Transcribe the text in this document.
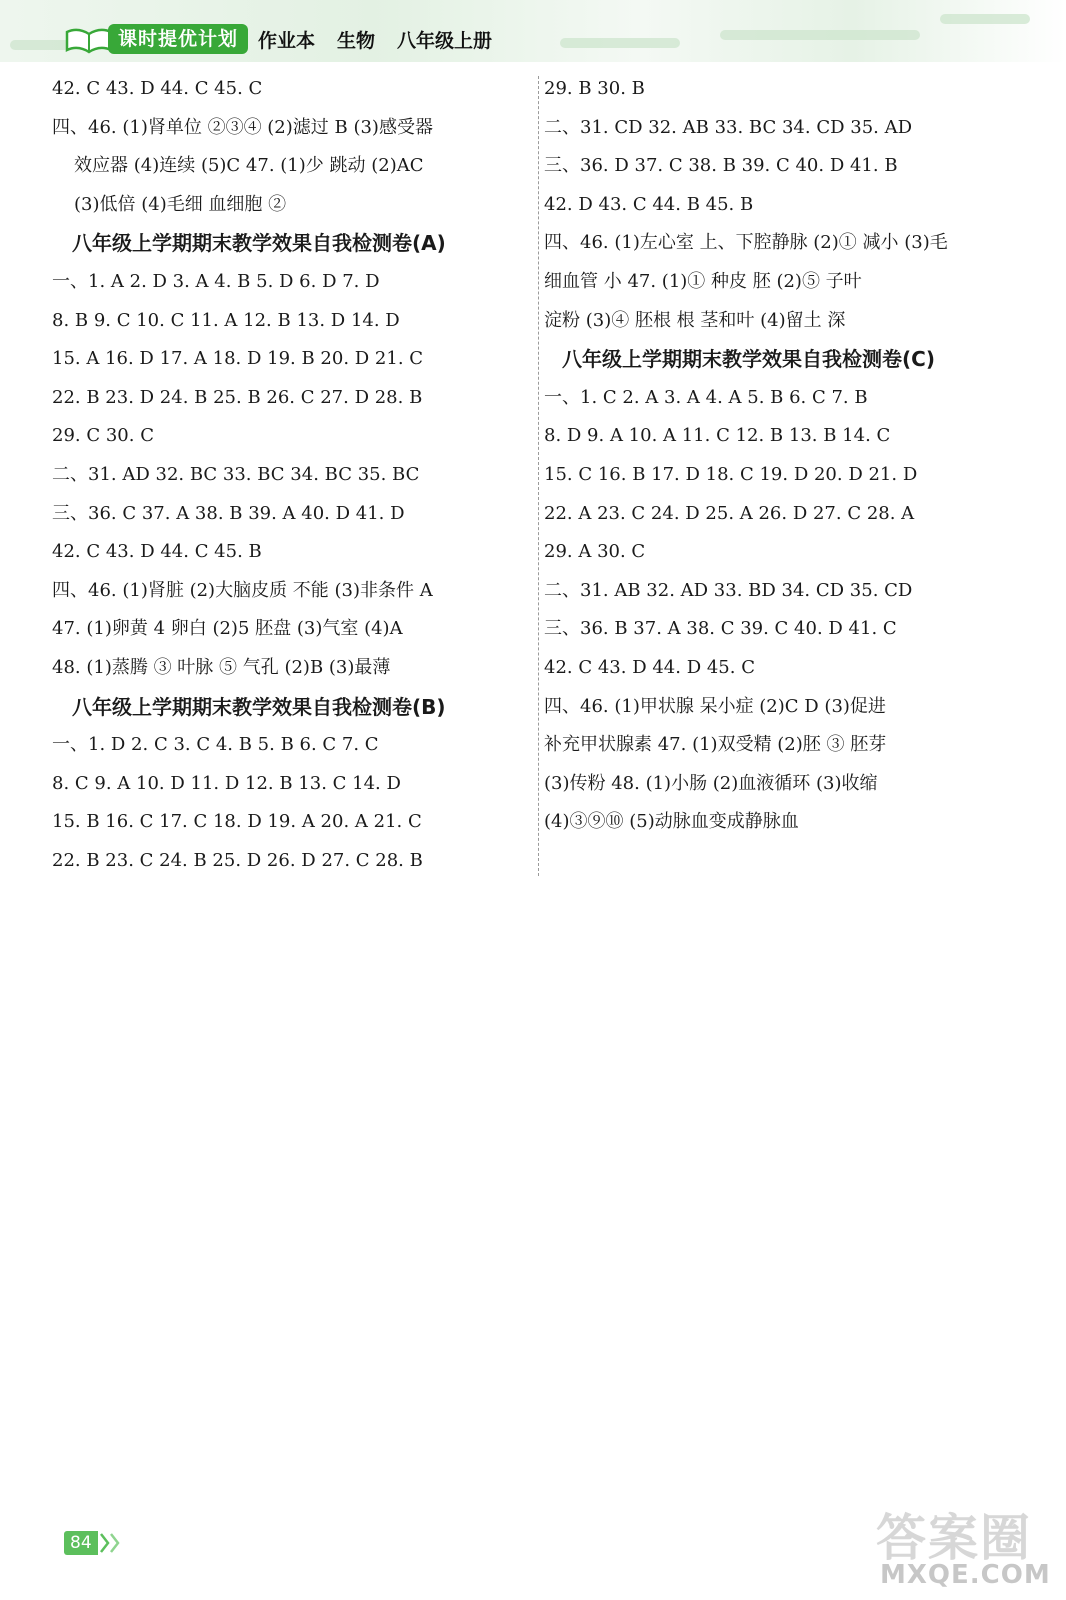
课时提优计划	作业本 生物 八年级上册
42. C 43. D 44. C 45. C
四、46. (1)肾单位 ②③④ (2)滤过 B (3)感受器
效应器 (4)连续 (5)C 47. (1)少 跳动 (2)AC
(3)低倍 (4)毛细 血细胞 ②
八年级上学期期末教学效果自我检测卷(A)
一、1. A 2. D 3. A 4. B 5. D 6. D 7. D
8. B 9. C 10. C 11. A 12. B 13. D 14. D
15. A 16. D 17. A 18. D 19. B 20. D 21. C
22. B 23. D 24. B 25. B 26. C 27. D 28. B
29. C 30. C
二、31. AD 32. BC 33. BC 34. BC 35. BC
三、36. C 37. A 38. B 39. A 40. D 41. D
42. C 43. D 44. C 45. B
四、46. (1)肾脏 (2)大脑皮质 不能 (3)非条件 A
47. (1)卵黄 4 卵白 (2)5 胚盘 (3)气室 (4)A
48. (1)蒸腾 ③ 叶脉 ⑤ 气孔 (2)B (3)最薄
八年级上学期期末教学效果自我检测卷(B)
一、1. D 2. C 3. C 4. B 5. B 6. C 7. C
8. C 9. A 10. D 11. D 12. B 13. C 14. D
15. B 16. C 17. C 18. D 19. A 20. A 21. C
22. B 23. C 24. B 25. D 26. D 27. C 28. B
29. B 30. B
二、31. CD 32. AB 33. BC 34. CD 35. AD
三、36. D 37. C 38. B 39. C 40. D 41. B
42. D 43. C 44. B 45. B
四、46. (1)左心室 上、下腔静脉 (2)① 减小 (3)毛
细血管 小 47. (1)① 种皮 胚 (2)⑤ 子叶
淀粉 (3)④ 胚根 根 茎和叶 (4)留土 深
八年级上学期期末教学效果自我检测卷(C)
一、1. C 2. A 3. A 4. A 5. B 6. C 7. B
8. D 9. A 10. A 11. C 12. B 13. B 14. C
15. C 16. B 17. D 18. C 19. D 20. D 21. D
22. A 23. C 24. D 25. A 26. D 27. C 28. A
29. A 30. C
二、31. AB 32. AD 33. BD 34. CD 35. CD
三、36. B 37. A 38. C 39. C 40. D 41. C
42. C 43. D 44. D 45. C
四、46. (1)甲状腺 呆小症 (2)C D (3)促进
补充甲状腺素 47. (1)双受精 (2)胚 ③ 胚芽
(3)传粉 48. (1)小肠 (2)血液循环 (3)收缩
(4)③⑨⑩ (5)动脉血变成静脉血
84	答案圈
MXQE.COM
